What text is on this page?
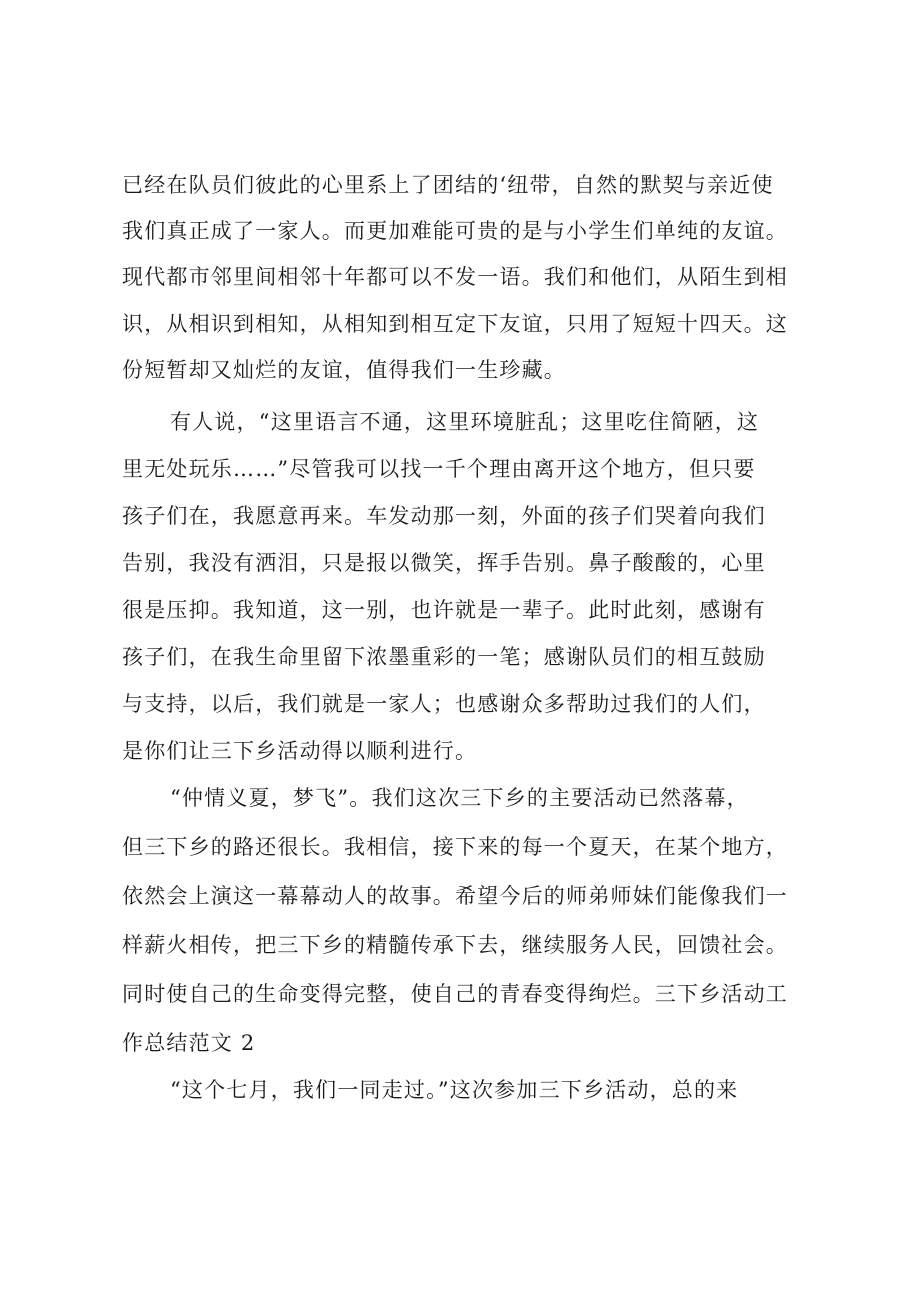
已经在队员们彼此的心里系上了团结的‘纽带，自然的默契与亲近使
我们真正成了一家人。而更加难能可贵的是与小学生们单纯的友谊。
现代都市邻里间相邻十年都可以不发一语。我们和他们，从陌生到相
识，从相识到相知，从相知到相互定下友谊，只用了短短十四天。这
份短暂却又灿烂的友谊，值得我们一生珍藏。
有人说，“这里语言不通，这里环境脏乱；这里吃住简陋，这
里无处玩乐……”尽管我可以找一千个理由离开这个地方，但只要
孩子们在，我愿意再来。车发动那一刻，外面的孩子们哭着向我们
告别，我没有洒泪，只是报以微笑，挥手告别。鼻子酸酸的，心里
很是压抑。我知道，这一别，也许就是一辈子。此时此刻，感谢有
孩子们，在我生命里留下浓墨重彩的一笔；感谢队员们的相互鼓励
与支持，以后，我们就是一家人；也感谢众多帮助过我们的人们，
是你们让三下乡活动得以顺利进行。
“仲情义夏，梦飞”。我们这次三下乡的主要活动已然落幕，
但三下乡的路还很长。我相信，接下来的每一个夏天，在某个地方，
依然会上演这一幕幕动人的故事。希望今后的师弟师妹们能像我们一
样薪火相传，把三下乡的精髓传承下去，继续服务人民，回馈社会。
同时使自己的生命变得完整，使自己的青春变得绚烂。三下乡活动工
作总结范文 2
“这个七月，我们一同走过。”这次参加三下乡活动，总的来
